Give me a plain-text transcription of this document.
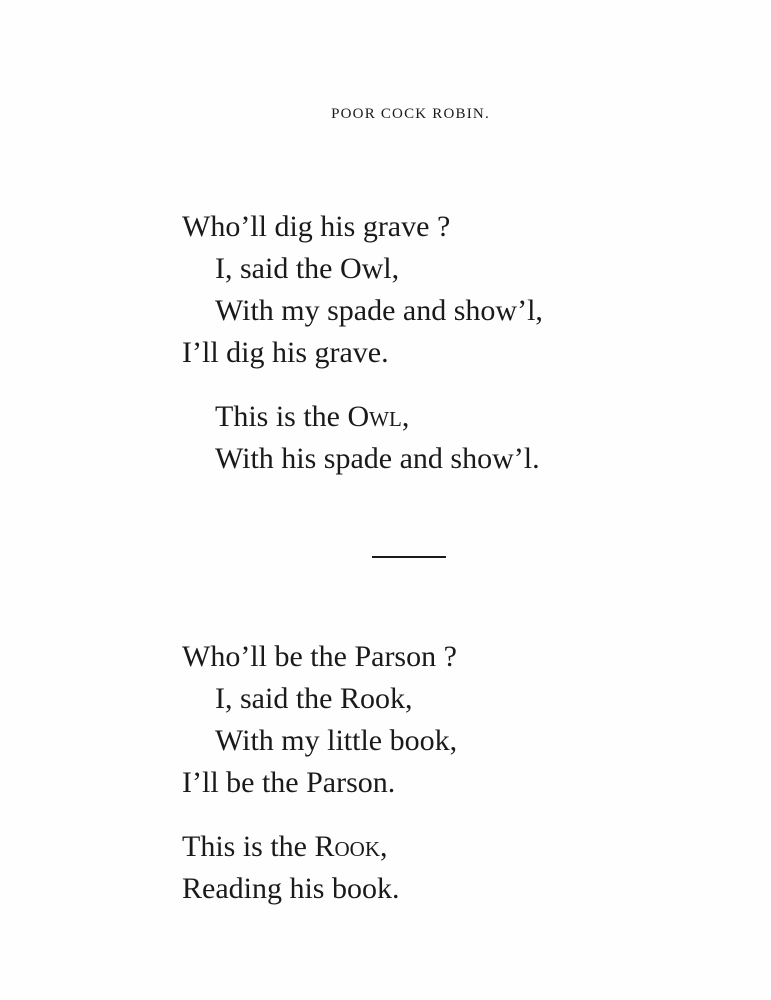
POOR COCK ROBIN.
Who’ll dig his grave ?
I, said the Owl,
With my spade and show’l,
I’ll dig his grave.
This is the Owl,
With his spade and show’l.
Who’ll be the Parson ?
I, said the Rook,
With my little book,
I’ll be the Parson.
This is the Rook,
Reading his book.
